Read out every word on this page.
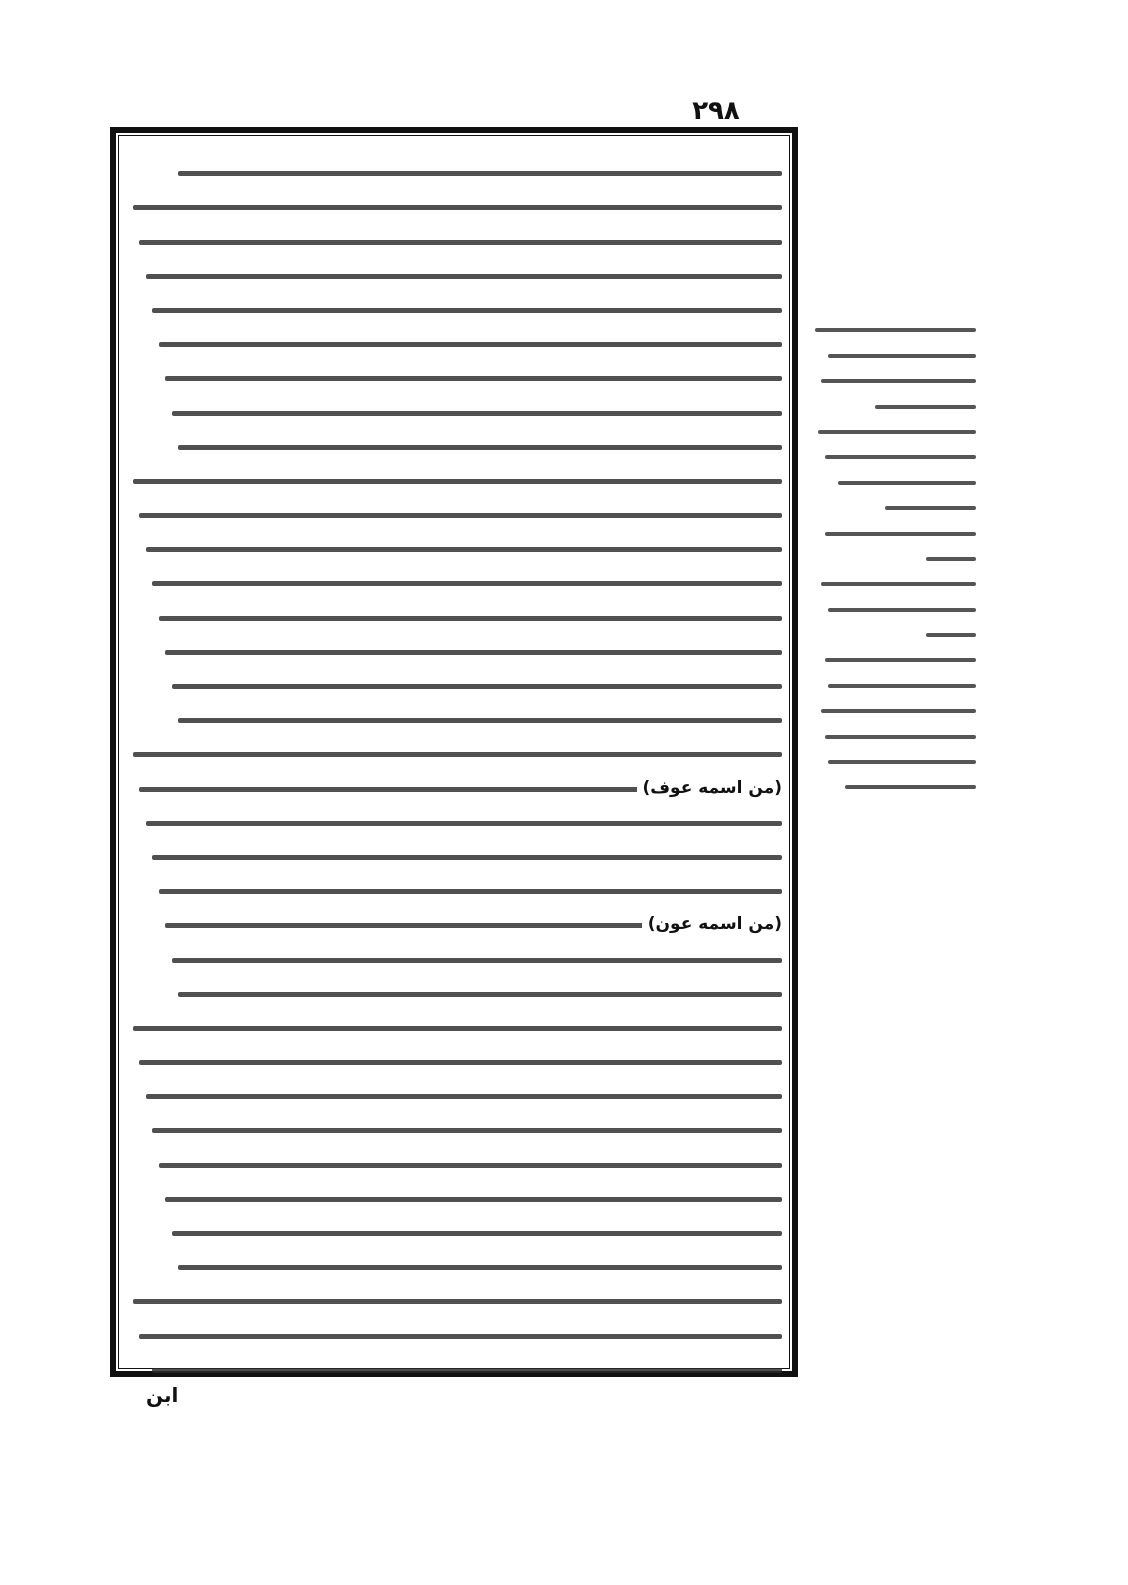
٢٩٨
(من اسمه عوف)
(من اسمه عون)
ابن
